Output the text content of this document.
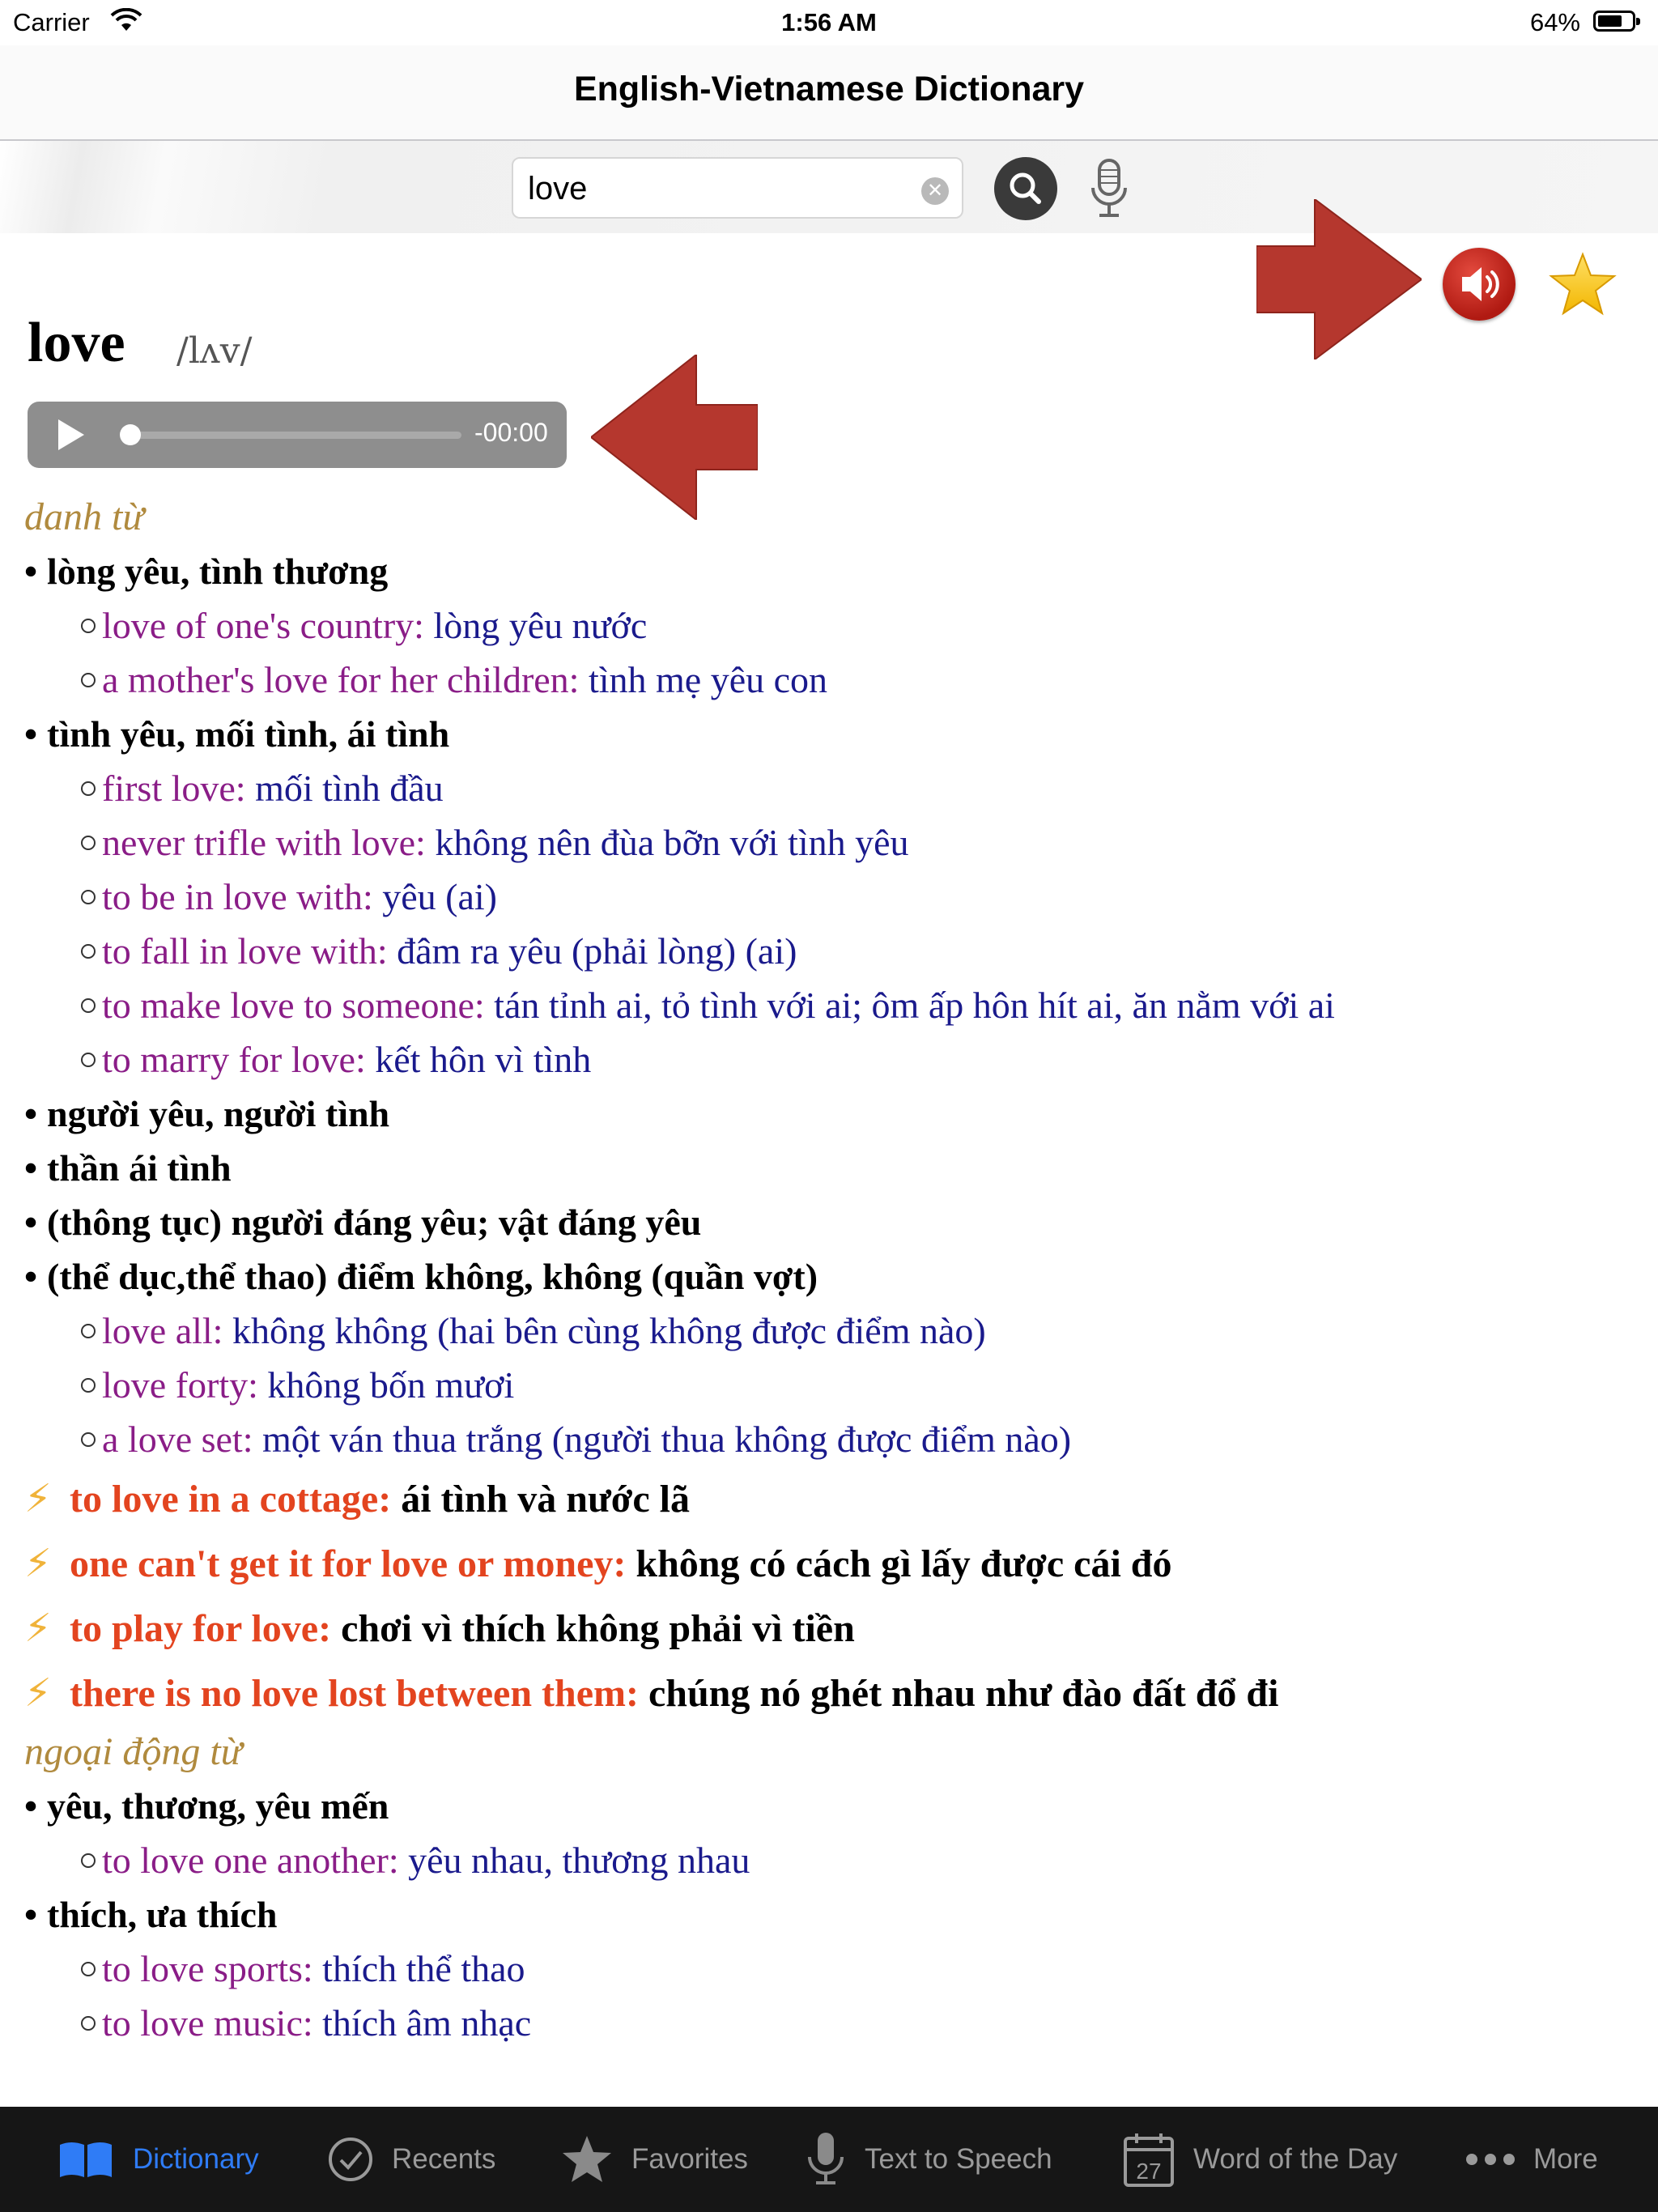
Carrier	1:56 AM	64%
English-Vietnamese Dictionary
love
✕
love /lʌv/
-00:00
danh từ
• lòng yêu, tình thương
love of one's country: lòng yêu nước
a mother's love for her children: tình mẹ yêu con
• tình yêu, mối tình, ái tình
first love: mối tình đầu
never trifle with love: không nên đùa bỡn với tình yêu
to be in love with: yêu (ai)
to fall in love with: đâm ra yêu (phải lòng) (ai)
to make love to someone: tán tỉnh ai, tỏ tình với ai; ôm ấp hôn hít ai, ăn nằm với ai
to marry for love: kết hôn vì tình
• người yêu, người tình
• thần ái tình
• (thông tục) người đáng yêu; vật đáng yêu
• (thể dục,thể thao) điểm không, không (quần vợt)
love all: không không (hai bên cùng không được điểm nào)
love forty: không bốn mươi
a love set: một ván thua trắng (người thua không được điểm nào)
⚡ to love in a cottage: ái tình và nước lã
⚡ one can't get it for love or money: không có cách gì lấy được cái đó
⚡ to play for love: chơi vì thích không phải vì tiền
⚡ there is no love lost between them: chúng nó ghét nhau như đào đất đổ đi
ngoại động từ
• yêu, thương, yêu mến
to love one another: yêu nhau, thương nhau
• thích, ưa thích
to love sports: thích thể thao
to love music: thích âm nhạc
Dictionary	Recents	Favorites	Text to Speech	27 Word of the Day	More
